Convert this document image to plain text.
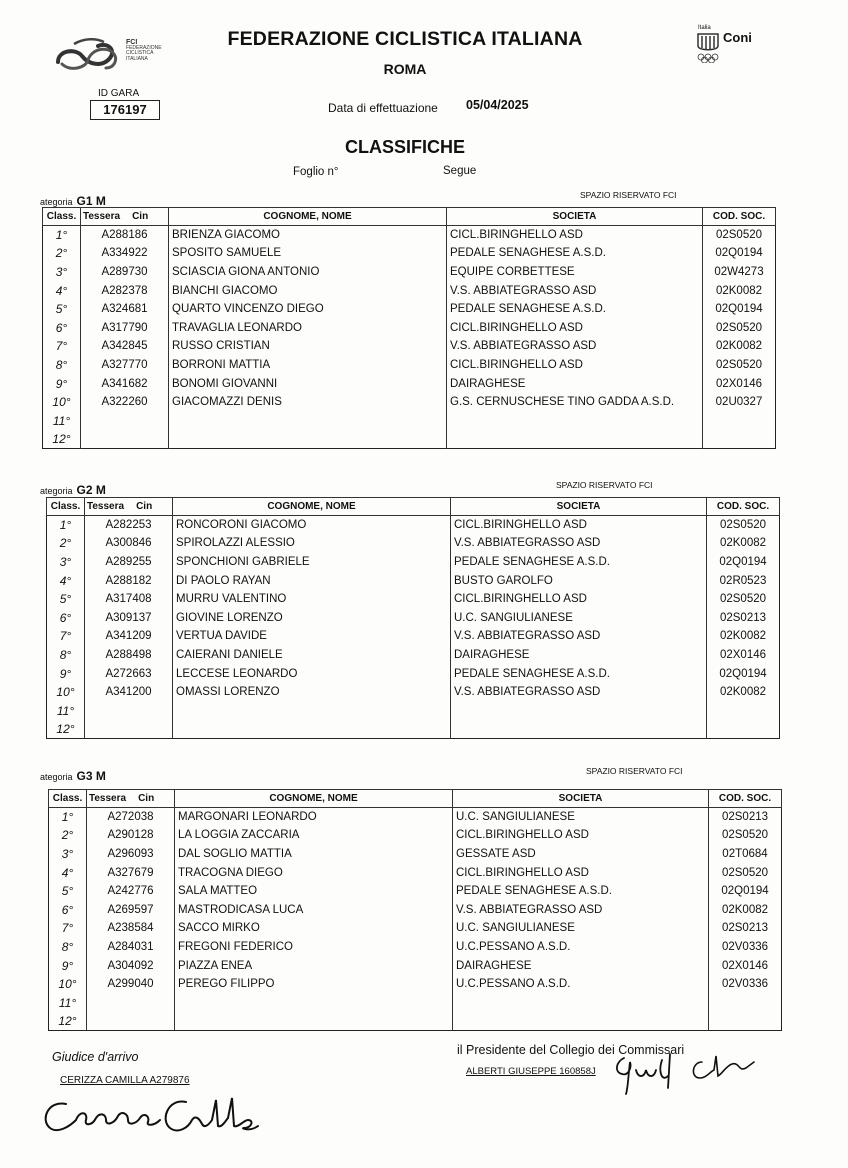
FCI
FEDERAZIONE
CICLISTICA
ITALIANA
FEDERAZIONE CICLISTICA ITALIANA
ROMA
Italia
Coni
ID GARA
176197	Data di effettuazione 05/04/2025
CLASSIFICHE
Foglio n°	Segue
ategoria G1 M	SPAZIO RISERVATO FCI
Class.	Tessera Cin	COGNOME, NOME	SOCIETA	COD. SOC.
1°	A288186	BRIENZA GIACOMO	CICL.BIRINGHELLO ASD	02S0520
2°	A334922	SPOSITO SAMUELE	PEDALE SENAGHESE A.S.D.	02Q0194
3°	A289730	SCIASCIA GIONA ANTONIO	EQUIPE CORBETTESE	02W4273
4°	A282378	BIANCHI GIACOMO	V.S. ABBIATEGRASSO ASD	02K0082
5°	A324681	QUARTO VINCENZO DIEGO	PEDALE SENAGHESE A.S.D.	02Q0194
6°	A317790	TRAVAGLIA LEONARDO	CICL.BIRINGHELLO ASD	02S0520
7°	A342845	RUSSO CRISTIAN	V.S. ABBIATEGRASSO ASD	02K0082
8°	A327770	BORRONI MATTIA	CICL.BIRINGHELLO ASD	02S0520
9°	A341682	BONOMI GIOVANNI	DAIRAGHESE	02X0146
10°	A322260	GIACOMAZZI DENIS	G.S. CERNUSCHESE TINO GADDA A.S.D.	02U0327
11°				
12°				
ategoria G2 M	SPAZIO RISERVATO FCI
Class.	Tessera Cin	COGNOME, NOME	SOCIETA	COD. SOC.
1°	A282253	RONCORONI GIACOMO	CICL.BIRINGHELLO ASD	02S0520
2°	A300846	SPIROLAZZI ALESSIO	V.S. ABBIATEGRASSO ASD	02K0082
3°	A289255	SPONCHIONI GABRIELE	PEDALE SENAGHESE A.S.D.	02Q0194
4°	A288182	DI PAOLO RAYAN	BUSTO GAROLFO	02R0523
5°	A317408	MURRU VALENTINO	CICL.BIRINGHELLO ASD	02S0520
6°	A309137	GIOVINE LORENZO	U.C. SANGIULIANESE	02S0213
7°	A341209	VERTUA DAVIDE	V.S. ABBIATEGRASSO ASD	02K0082
8°	A288498	CAIERANI DANIELE	DAIRAGHESE	02X0146
9°	A272663	LECCESE LEONARDO	PEDALE SENAGHESE A.S.D.	02Q0194
10°	A341200	OMASSI LORENZO	V.S. ABBIATEGRASSO ASD	02K0082
11°				
12°				
ategoria G3 M	SPAZIO RISERVATO FCI
Class.	Tessera Cin	COGNOME, NOME	SOCIETA	COD. SOC.
1°	A272038	MARGONARI LEONARDO	U.C. SANGIULIANESE	02S0213
2°	A290128	LA LOGGIA ZACCARIA	CICL.BIRINGHELLO ASD	02S0520
3°	A296093	DAL SOGLIO MATTIA	GESSATE ASD	02T0684
4°	A327679	TRACOGNA DIEGO	CICL.BIRINGHELLO ASD	02S0520
5°	A242776	SALA MATTEO	PEDALE SENAGHESE A.S.D.	02Q0194
6°	A269597	MASTRODICASA LUCA	V.S. ABBIATEGRASSO ASD	02K0082
7°	A238584	SACCO MIRKO	U.C. SANGIULIANESE	02S0213
8°	A284031	FREGONI FEDERICO	U.C.PESSANO A.S.D.	02V0336
9°	A304092	PIAZZA ENEA	DAIRAGHESE	02X0146
10°	A299040	PEREGO FILIPPO	U.C.PESSANO A.S.D.	02V0336
11°				
12°				
Giudice d'arrivo
CERIZZA CAMILLA A279876
il Presidente del Collegio dei Commissari
ALBERTI GIUSEPPE 160858J
